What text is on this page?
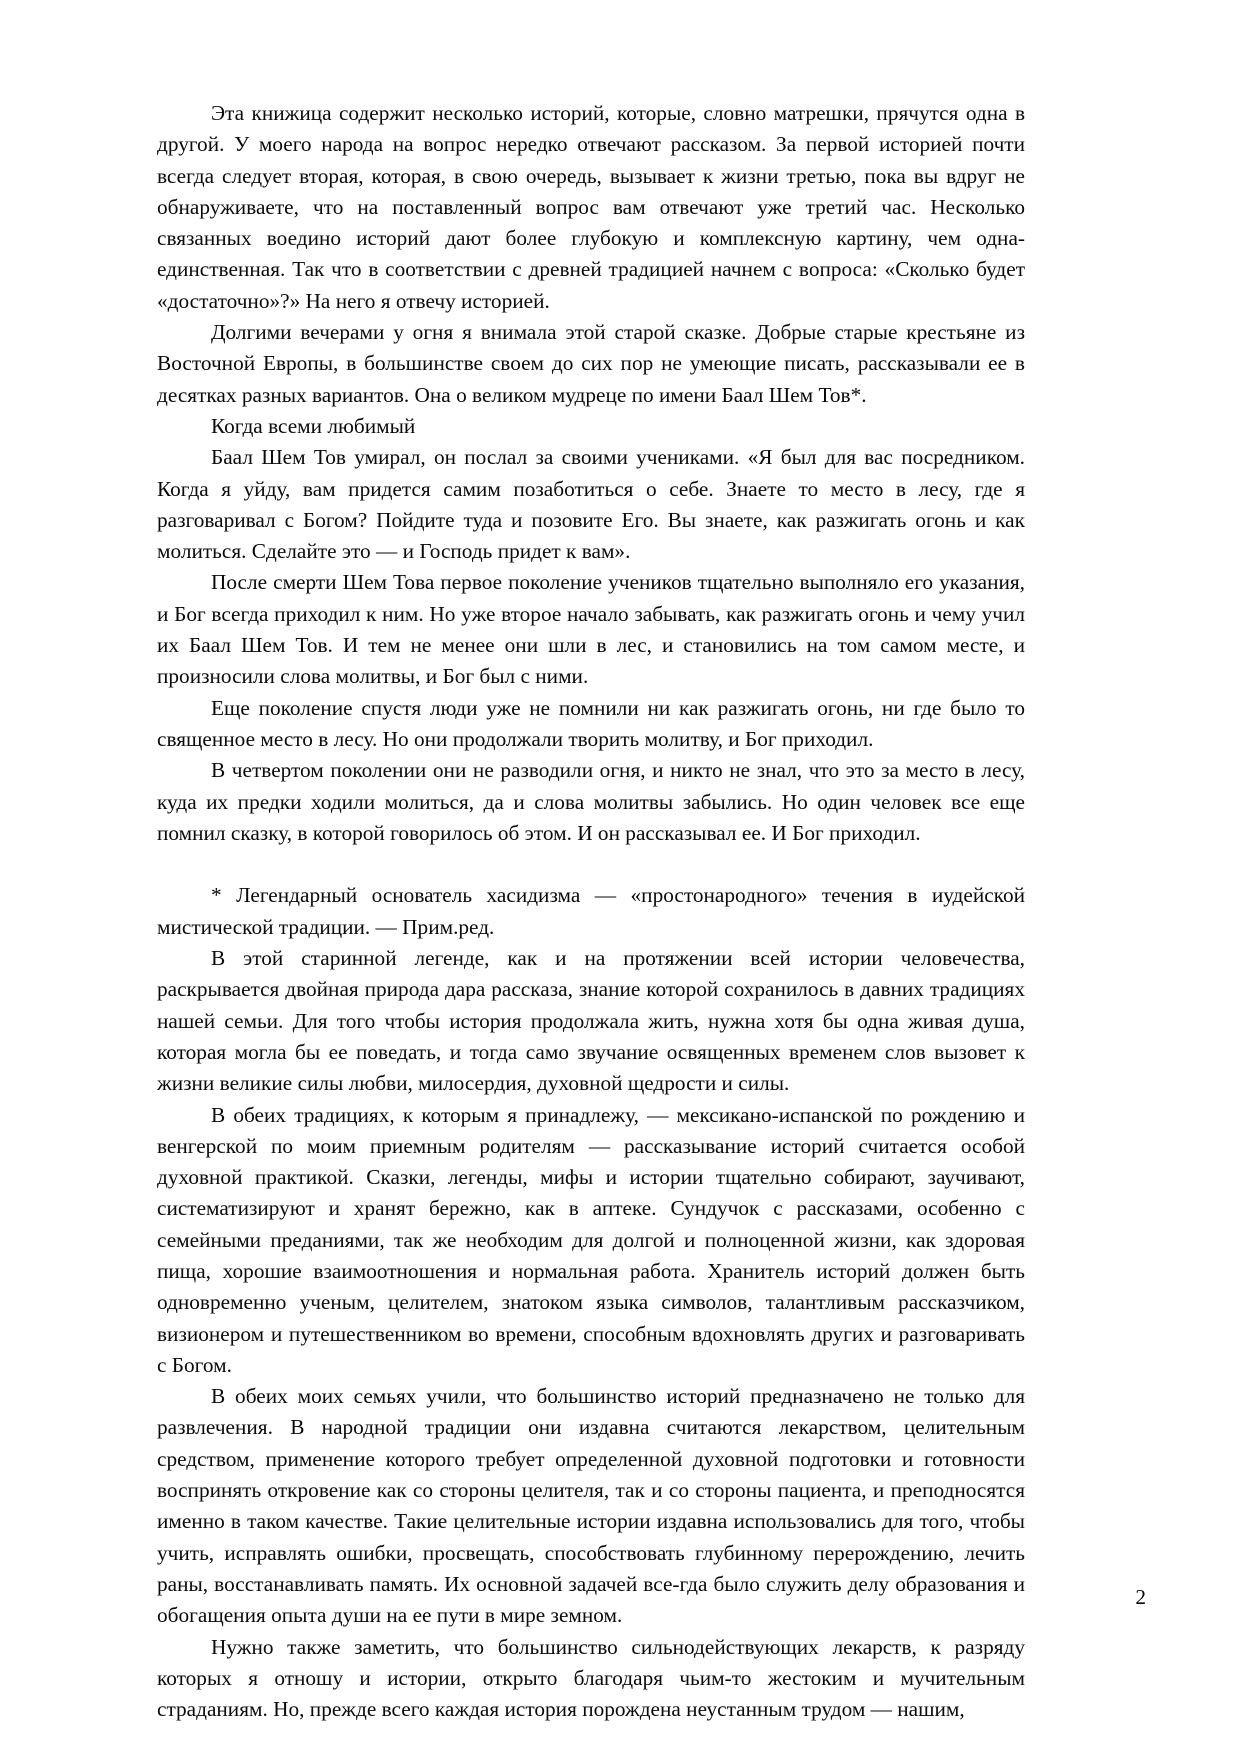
Эта книжица содержит несколько историй, которые, словно матрешки, прячутся одна в другой. У моего народа на вопрос нередко отвечают рассказом. За первой историей почти всегда следует вторая, которая, в свою очередь, вызывает к жизни третью, пока вы вдруг не обнаруживаете, что на поставленный вопрос вам отвечают уже третий час. Несколько связанных воедино историй дают более глубокую и комплексную картину, чем одна-единственная. Так что в соответствии с древней традицией начнем с вопроса: «Сколько будет «достаточно»?» На него я отвечу историей.

Долгими вечерами у огня я внимала этой старой сказке. Добрые старые крестьяне из Восточной Европы, в большинстве своем до сих пор не умеющие писать, рассказывали ее в десятках разных вариантов. Она о великом мудреце по имени Баал Шем Тов*.

Когда всеми любимый

Баал Шем Тов умирал, он послал за своими учениками. «Я был для вас посредником. Когда я уйду, вам придется самим позаботиться о себе. Знаете то место в лесу, где я разговаривал с Богом? Пойдите туда и позовите Его. Вы знаете, как разжигать огонь и как молиться. Сделайте это — и Господь придет к вам».

После смерти Шем Това первое поколение учеников тщательно выполняло его указания, и Бог всегда приходил к ним. Но уже второе начало забывать, как разжигать огонь и чему учил их Баал Шем Тов. И тем не менее они шли в лес, и становились на том самом месте, и произносили слова молитвы, и Бог был с ними.

Еще поколение спустя люди уже не помнили ни как разжигать огонь, ни где было то священное место в лесу. Но они продолжали творить молитву, и Бог приходил.

В четвертом поколении они не разводили огня, и никто не знал, что это за место в лесу, куда их предки ходили молиться, да и слова молитвы забылись. Но один человек все еще помнил сказку, в которой говорилось об этом. И он рассказывал ее. И Бог приходил.

* Легендарный основатель хасидизма — «простонародного» течения в иудейской мистической традиции. — Прим.ред.

В этой старинной легенде, как и на протяжении всей истории человечества, раскрывается двойная природа дара рассказа, знание которой сохранилось в давних традициях нашей семьи. Для того чтобы история продолжала жить, нужна хотя бы одна живая душа, которая могла бы ее поведать, и тогда само звучание освященных временем слов вызовет к жизни великие силы любви, милосердия, духовной щедрости и силы.

В обеих традициях, к которым я принадлежу, — мексикано-испанской по рождению и венгерской по моим приемным родителям — рассказывание историй считается особой духовной практикой. Сказки, легенды, мифы и истории тщательно собирают, заучивают, систематизируют и хранят бережно, как в аптеке. Сундучок с рассказами, особенно с семейными преданиями, так же необходим для долгой и полноценной жизни, как здоровая пища, хорошие взаимоотношения и нормальная работа. Хранитель историй должен быть одновременно ученым, целителем, знатоком языка символов, талантливым рассказчиком, визионером и путешественником во времени, способным вдохновлять других и разговаривать с Богом.

В обеих моих семьях учили, что большинство историй предназначено не только для развлечения. В народной традиции они издавна считаются лекарством, целительным средством, применение которого требует определенной духовной подготовки и готовности воспринять откровение как со стороны целителя, так и со стороны пациента, и преподносятся именно в таком качестве. Такие целительные истории издавна использовались для того, чтобы учить, исправлять ошибки, просвещать, способствовать глубинному перерождению, лечить раны, восстанавливать память. Их основной задачей все-гда было служить делу образования и обогащения опыта души на ее пути в мире земном.

Нужно также заметить, что большинство сильнодействующих лекарств, к разряду которых я отношу и истории, открыто благодаря чьим-то жестоким и мучительным страданиям. Но, прежде всего каждая история порождена неустанным трудом — нашим,

2
